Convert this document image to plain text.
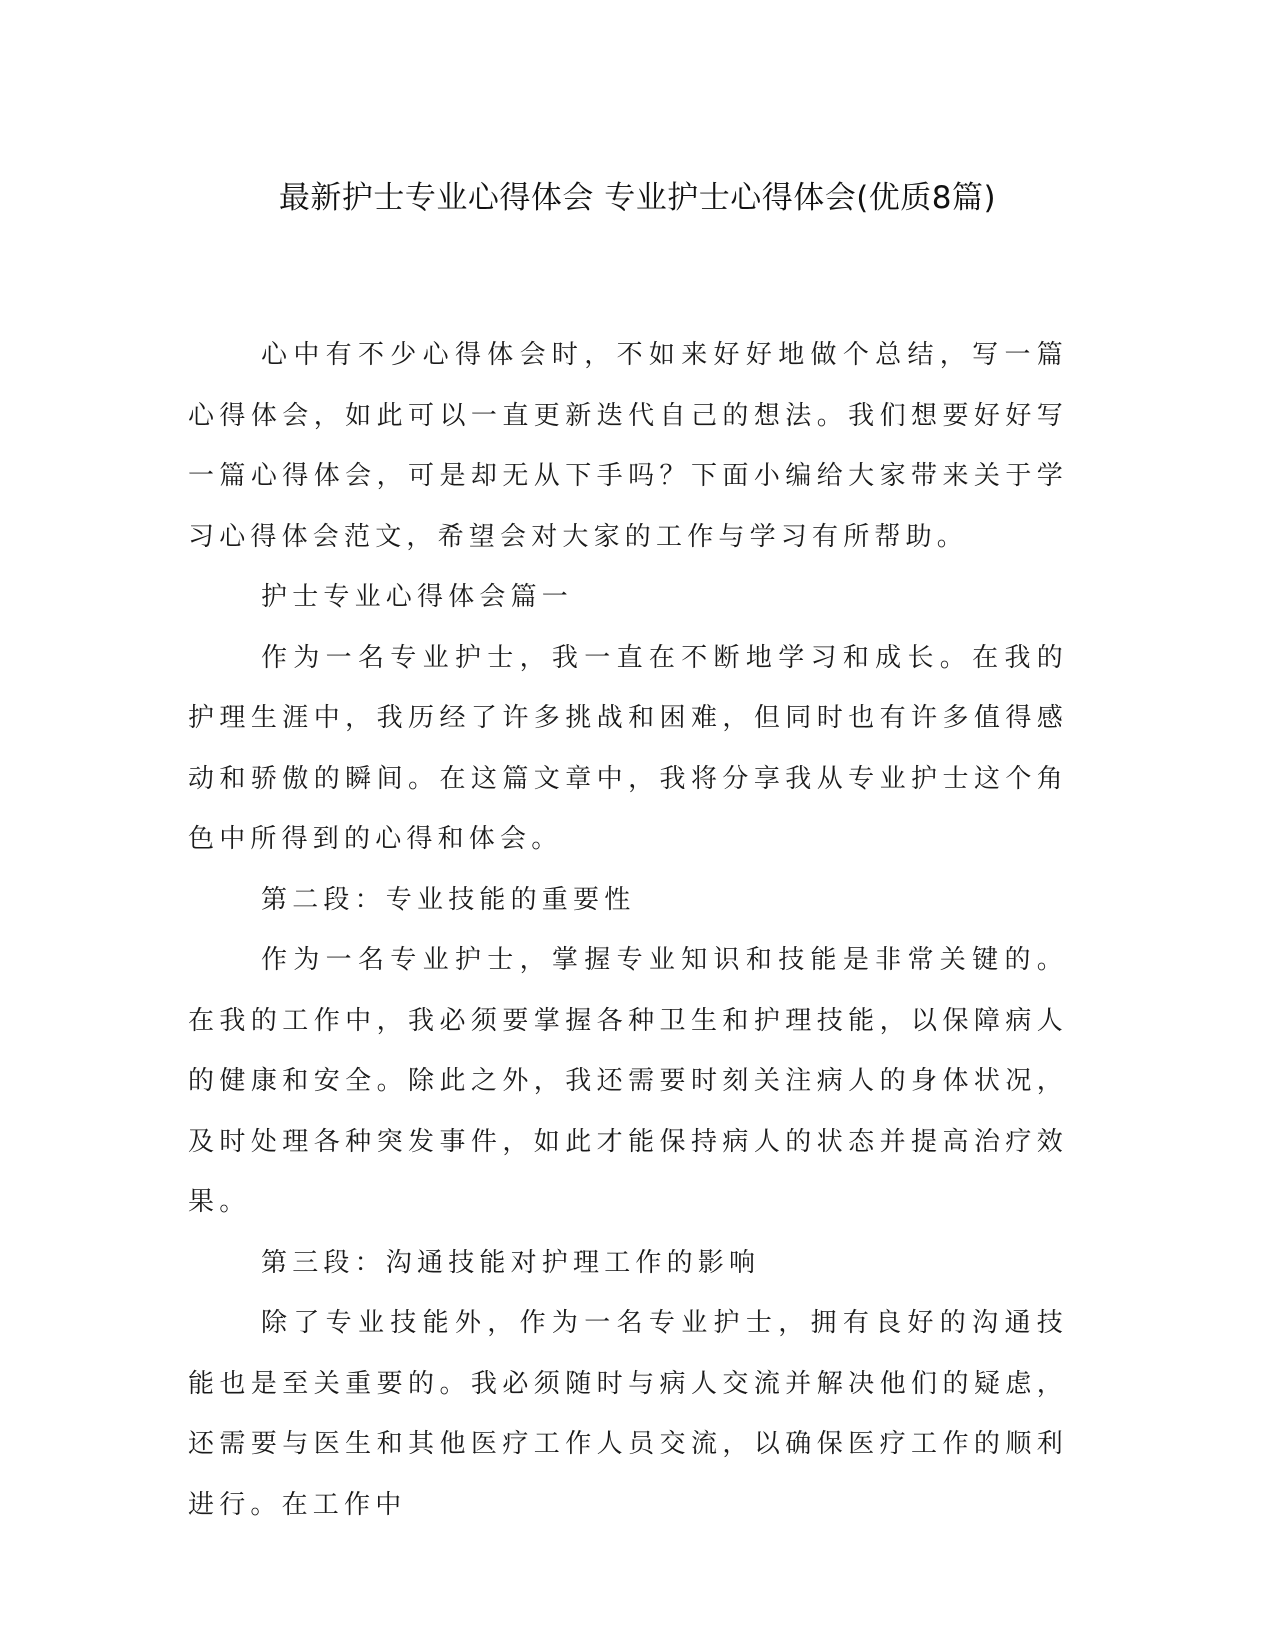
最新护士专业心得体会 专业护士心得体会(优质8篇)

心中有不少心得体会时，不如来好好地做个总结，写一篇心得体会，如此可以一直更新迭代自己的想法。我们想要好好写一篇心得体会，可是却无从下手吗？下面小编给大家带来关于学习心得体会范文，希望会对大家的工作与学习有所帮助。

护士专业心得体会篇一

作为一名专业护士，我一直在不断地学习和成长。在我的护理生涯中，我历经了许多挑战和困难，但同时也有许多值得感动和骄傲的瞬间。在这篇文章中，我将分享我从专业护士这个角色中所得到的心得和体会。

第二段：专业技能的重要性

作为一名专业护士，掌握专业知识和技能是非常关键的。在我的工作中，我必须要掌握各种卫生和护理技能，以保障病人的健康和安全。除此之外，我还需要时刻关注病人的身体状况，及时处理各种突发事件，如此才能保持病人的状态并提高治疗效果。

第三段：沟通技能对护理工作的影响

除了专业技能外，作为一名专业护士，拥有良好的沟通技能也是至关重要的。我必须随时与病人交流并解决他们的疑虑，还需要与医生和其他医疗工作人员交流，以确保医疗工作的顺利进行。在工作中
